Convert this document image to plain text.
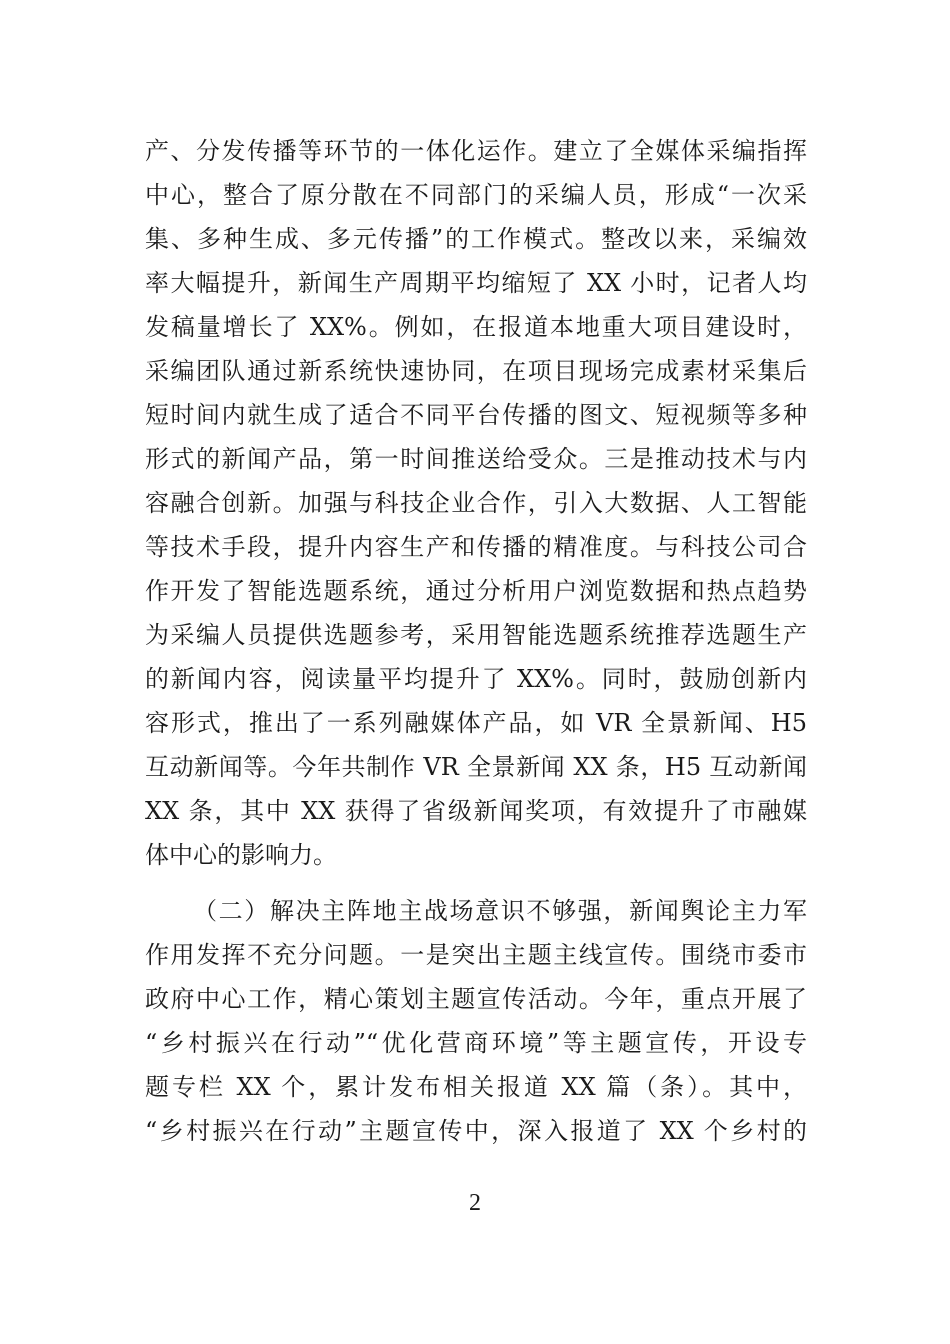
产、分发传播等环节的一体化运作。建立了全媒体采编指挥
中心，整合了原分散在不同部门的采编人员，形成“一次采
集、多种生成、多元传播”的工作模式。整改以来，采编效
率大幅提升，新闻生产周期平均缩短了 XX 小时，记者人均
发稿量增长了 XX%。例如，在报道本地重大项目建设时，
采编团队通过新系统快速协同，在项目现场完成素材采集后
短时间内就生成了适合不同平台传播的图文、短视频等多种
形式的新闻产品，第一时间推送给受众。三是推动技术与内
容融合创新。加强与科技企业合作，引入大数据、人工智能
等技术手段，提升内容生产和传播的精准度。与科技公司合
作开发了智能选题系统，通过分析用户浏览数据和热点趋势
为采编人员提供选题参考，采用智能选题系统推荐选题生产
的新闻内容，阅读量平均提升了 XX%。同时，鼓励创新内
容形式，推出了一系列融媒体产品，如 VR 全景新闻、H5
互动新闻等。今年共制作 VR 全景新闻 XX 条，H5 互动新闻
XX 条，其中 XX 获得了省级新闻奖项，有效提升了市融媒
体中心的影响力。
（二）解决主阵地主战场意识不够强，新闻舆论主力军
作用发挥不充分问题。一是突出主题主线宣传。围绕市委市
政府中心工作，精心策划主题宣传活动。今年，重点开展了
“乡村振兴在行动”“优化营商环境”等主题宣传，开设专
题专栏 XX 个，累计发布相关报道 XX 篇（条）。其中，
“乡村振兴在行动”主题宣传中，深入报道了 XX 个乡村的
2
